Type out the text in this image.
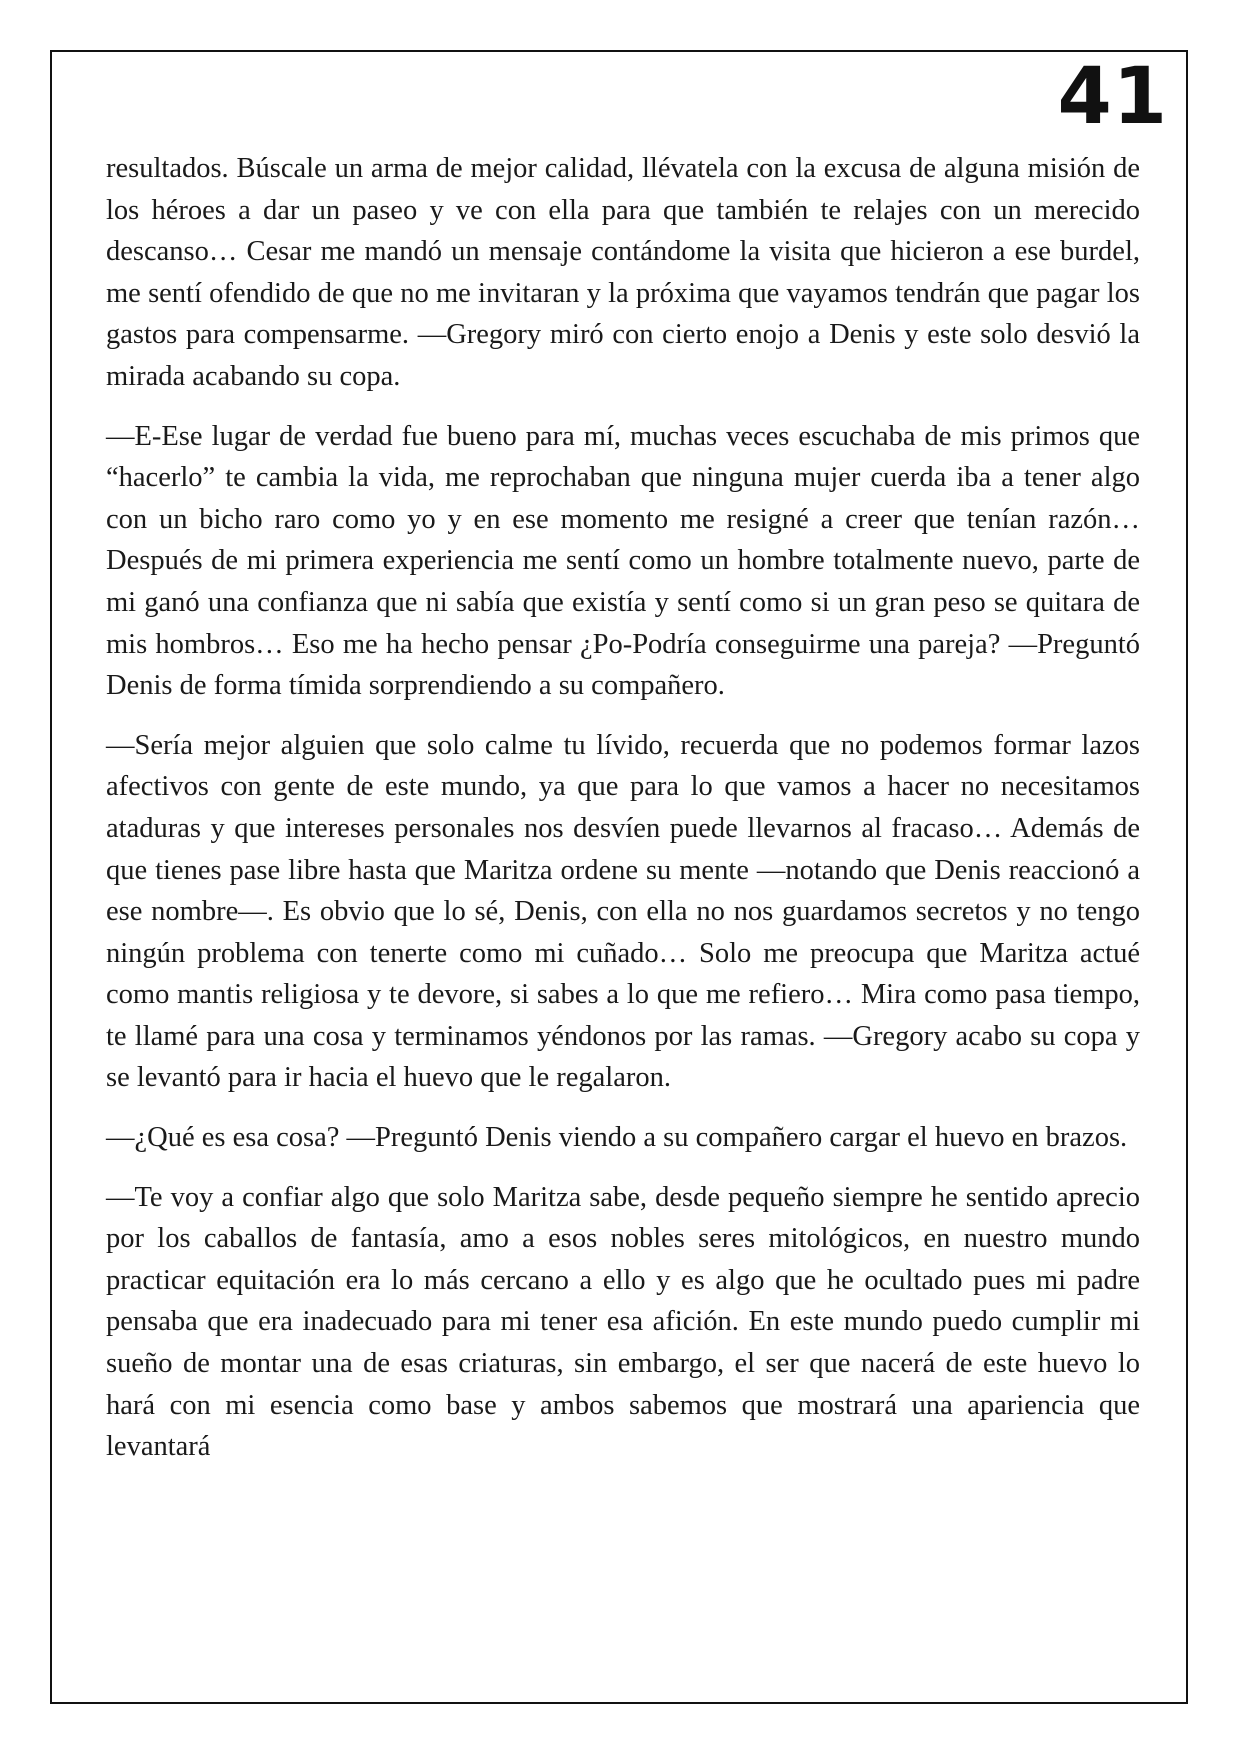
41

resultados. Búscale un arma de mejor calidad, llévatela con la excusa de alguna misión de los héroes a dar un paseo y ve con ella para que también te relajes con un merecido descanso… Cesar me mandó un mensaje contándome la visita que hicieron a ese burdel, me sentí ofendido de que no me invitaran y la próxima que vayamos tendrán que pagar los gastos para compensarme. —Gregory miró con cierto enojo a Denis y este solo desvió la mirada acabando su copa.

—E-Ese lugar de verdad fue bueno para mí, muchas veces escuchaba de mis primos que “hacerlo” te cambia la vida, me reprochaban que ninguna mujer cuerda iba a tener algo con un bicho raro como yo y en ese momento me resigné a creer que tenían razón… Después de mi primera experiencia me sentí como un hombre totalmente nuevo, parte de mi ganó una confianza que ni sabía que existía y sentí como si un gran peso se quitara de mis hombros… Eso me ha hecho pensar ¿Po-Podría conseguirme una pareja? —Preguntó Denis de forma tímida sorprendiendo a su compañero.

—Sería mejor alguien que solo calme tu lívido, recuerda que no podemos formar lazos afectivos con gente de este mundo, ya que para lo que vamos a hacer no necesitamos ataduras y que intereses personales nos desvíen puede llevarnos al fracaso… Además de que tienes pase libre hasta que Maritza ordene su mente —notando que Denis reaccionó a ese nombre—. Es obvio que lo sé, Denis, con ella no nos guardamos secretos y no tengo ningún problema con tenerte como mi cuñado… Solo me preocupa que Maritza actué como mantis religiosa y te devore, si sabes a lo que me refiero… Mira como pasa tiempo, te llamé para una cosa y terminamos yéndonos por las ramas. —Gregory acabo su copa y se levantó para ir hacia el huevo que le regalaron.

—¿Qué es esa cosa? —Preguntó Denis viendo a su compañero cargar el huevo en brazos.

—Te voy a confiar algo que solo Maritza sabe, desde pequeño siempre he sentido aprecio por los caballos de fantasía, amo a esos nobles seres mitológicos, en nuestro mundo practicar equitación era lo más cercano a ello y es algo que he ocultado pues mi padre pensaba que era inadecuado para mi tener esa afición. En este mundo puedo cumplir mi sueño de montar una de esas criaturas, sin embargo, el ser que nacerá de este huevo lo hará con mi esencia como base y ambos sabemos que mostrará una apariencia que levantará
